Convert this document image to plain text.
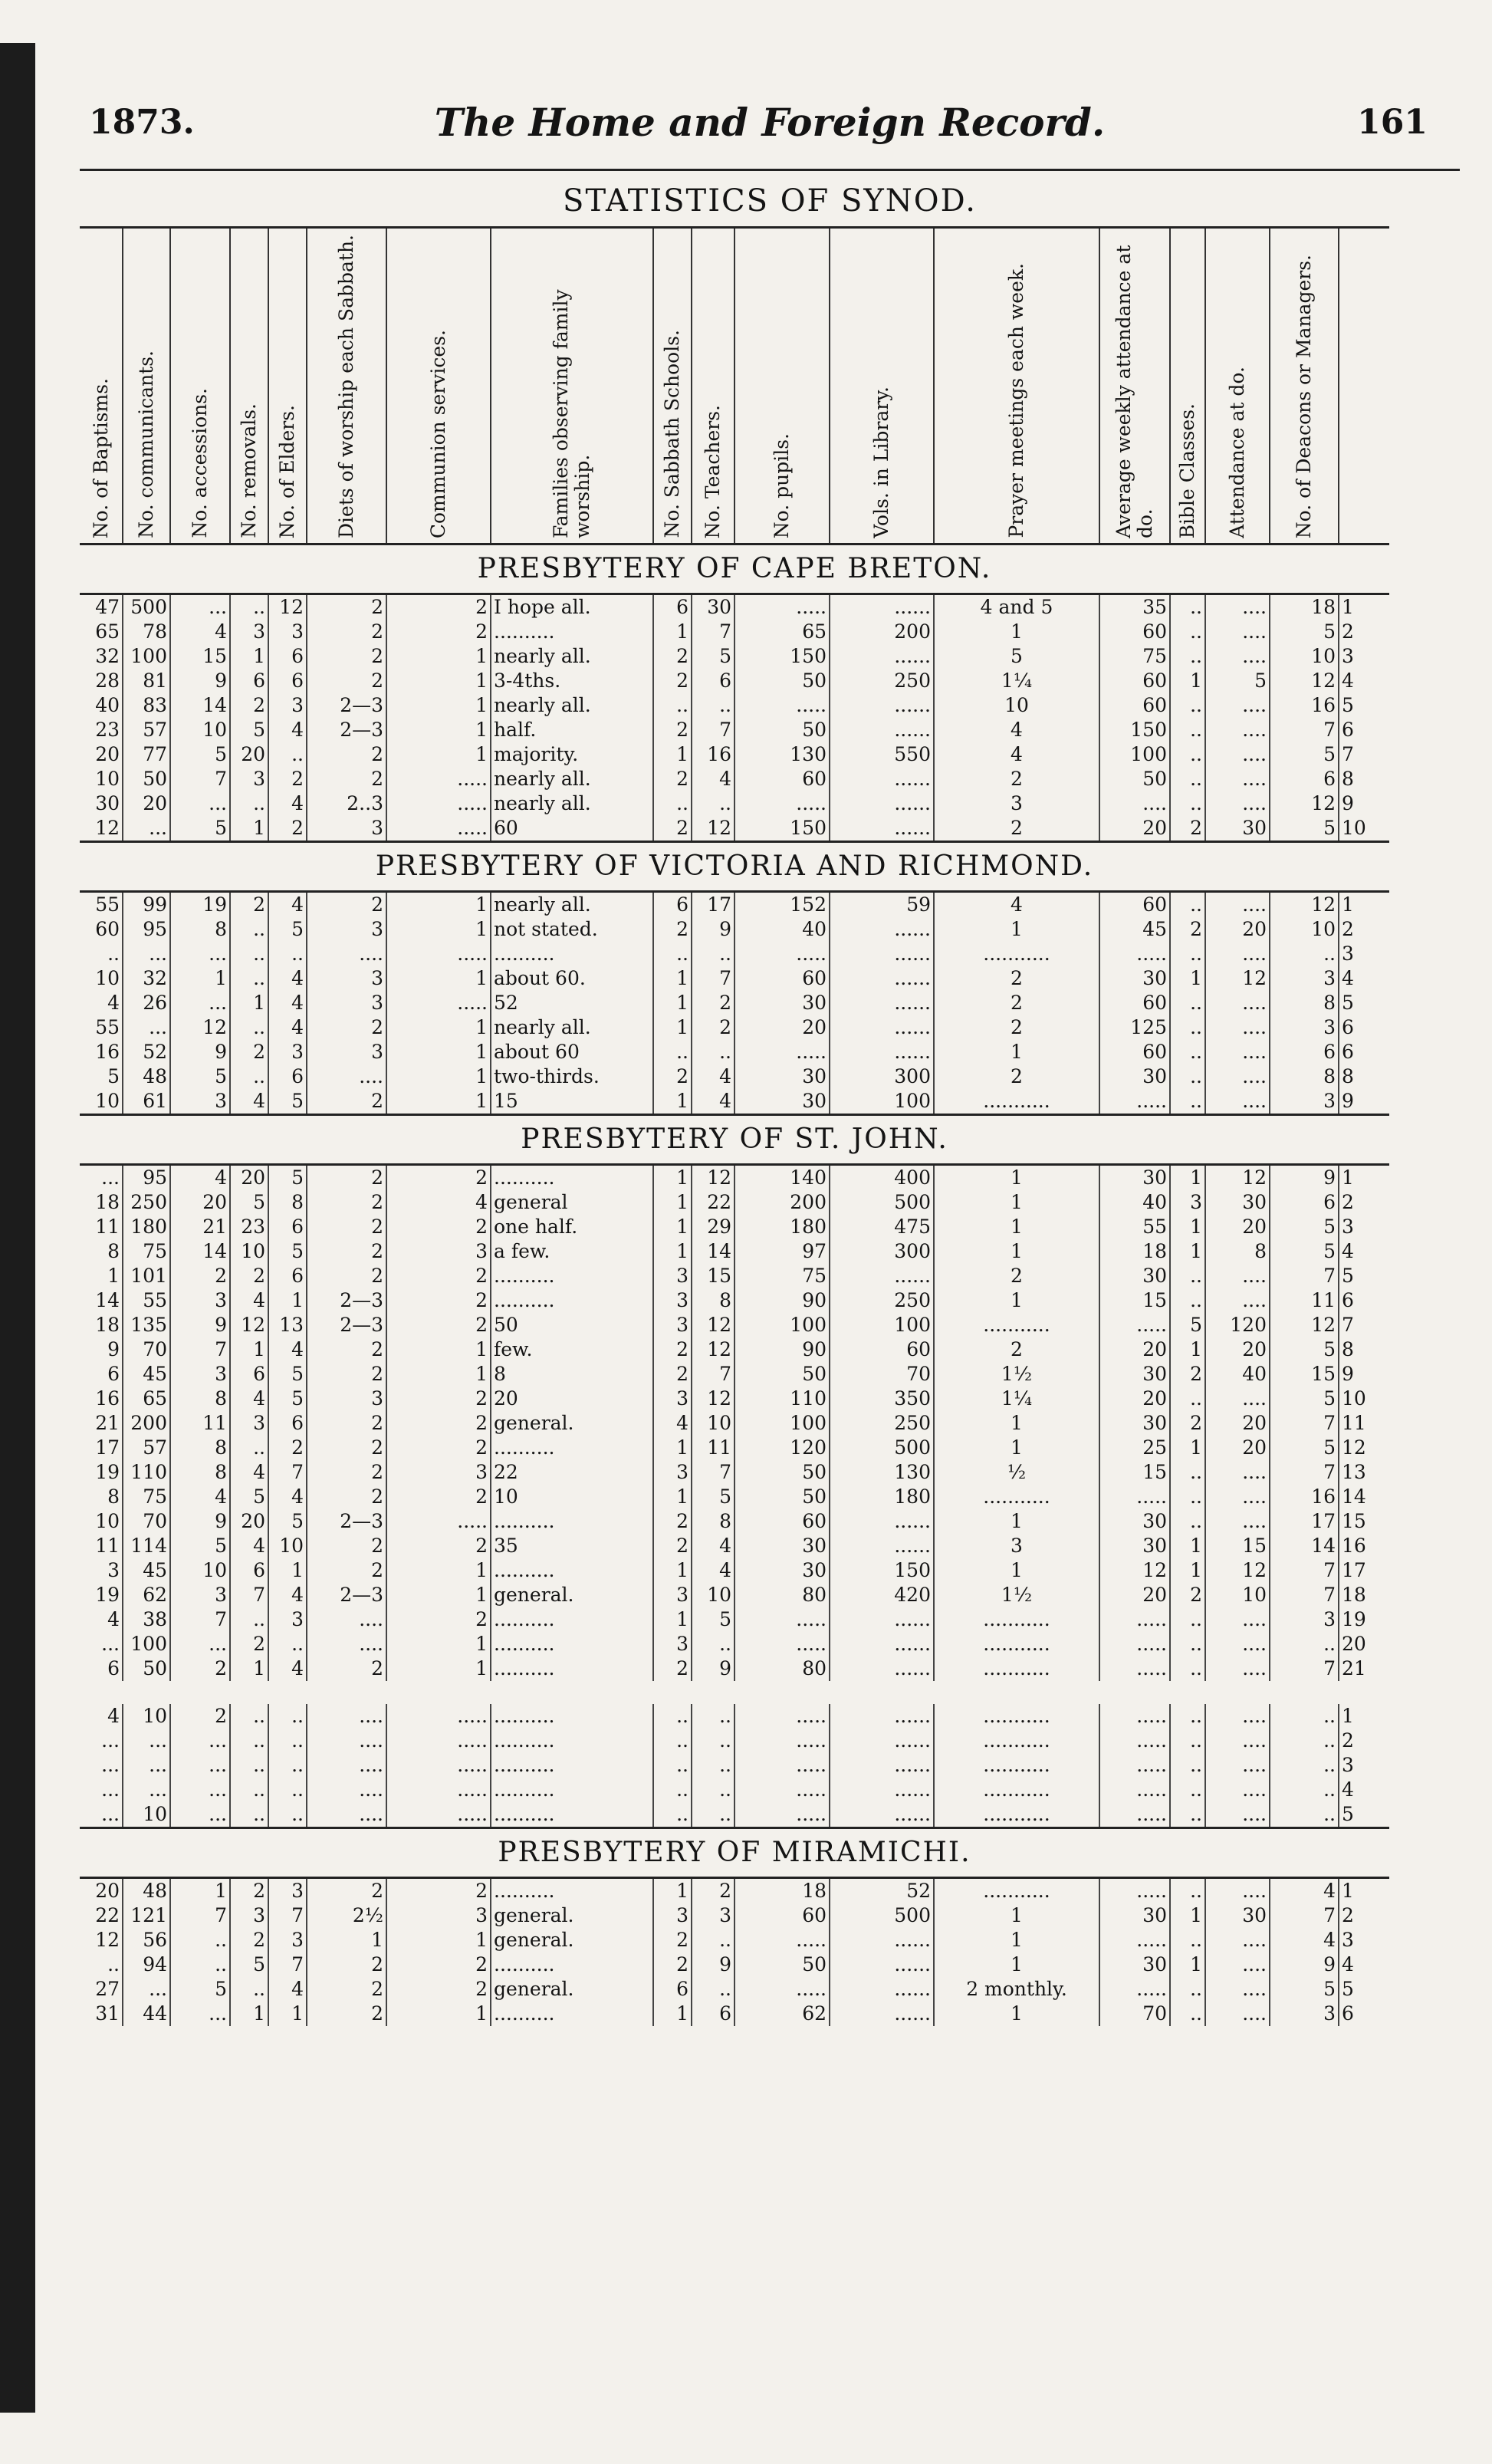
1873.	The Home and Foreign Record.	161
STATISTICS OF SYNOD.
No. of Baptisms.	No. communicants.	No. accessions.	No. removals.	No. of Elders.	Diets of worship each Sabbath.	Communion services.	Families observing family worship.	No. Sabbath Schools.	No. Teachers.	No. pupils.	Vols. in Library.	Prayer meetings each week.	Average weekly attendance at do.	Bible Classes.	Attendance at do.	No. of Deacons or Managers.	

PRESBYTERY OF CAPE BRETON.																	
47	500	...	..	12	2	2	I hope all.	6	30	.....	......	4 and 5	35	..	....	18	1
65	78	4	3	3	2	2	..........	1	7	65	200	1	60	..	....	5	2
32	100	15	1	6	2	1	nearly all.	2	5	150	......	5	75	..	....	10	3
28	81	9	6	6	2	1	3-4ths.	2	6	50	250	1¼	60	1	5	12	4
40	83	14	2	3	2—3	1	nearly all.	..	..	.....	......	10	60	..	....	16	5
23	57	10	5	4	2—3	1	half.	2	7	50	......	4	150	..	....	7	6
20	77	5	20	..	2	1	majority.	1	16	130	550	4	100	..	....	5	7
10	50	7	3	2	2	.....	nearly all.	2	4	60	......	2	50	..	....	6	8
30	20	...	..	4	2..3	.....	nearly all.	..	..	.....	......	3	....	..	....	12	9
12	...	5	1	2	3	.....	60	2	12	150	......	2	20	2	30	5	10
PRESBYTERY OF VICTORIA AND RICHMOND.																	
55	99	19	2	4	2	1	nearly all.	6	17	152	59	4	60	..	....	12	1
60	95	8	..	5	3	1	not stated.	2	9	40	......	1	45	2	20	10	2
..	...	...	..	..	....	.....	..........	..	..	.....	......	...........	.....	..	....	..	3
10	32	1	..	4	3	1	about 60.	1	7	60	......	2	30	1	12	3	4
4	26	...	1	4	3	.....	52	1	2	30	......	2	60	..	....	8	5
55	...	12	..	4	2	1	nearly all.	1	2	20	......	2	125	..	....	3	6
16	52	9	2	3	3	1	about 60	..	..	.....	......	1	60	..	....	6	6
5	48	5	..	6	....	1	two-thirds.	2	4	30	300	2	30	..	....	8	8
10	61	3	4	5	2	1	15	1	4	30	100	...........	.....	..	....	3	9
PRESBYTERY OF ST. JOHN.																	
...	95	4	20	5	2	2	..........	1	12	140	400	1	30	1	12	9	1
18	250	20	5	8	2	4	general	1	22	200	500	1	40	3	30	6	2
11	180	21	23	6	2	2	one half.	1	29	180	475	1	55	1	20	5	3
8	75	14	10	5	2	3	a few.	1	14	97	300	1	18	1	8	5	4
1	101	2	2	6	2	2	..........	3	15	75	......	2	30	..	....	7	5
14	55	3	4	1	2—3	2	..........	3	8	90	250	1	15	..	....	11	6
18	135	9	12	13	2—3	2	50	3	12	100	100	...........	.....	5	120	12	7
9	70	7	1	4	2	1	few.	2	12	90	60	2	20	1	20	5	8
6	45	3	6	5	2	1	8	2	7	50	70	1½	30	2	40	15	9
16	65	8	4	5	3	2	20	3	12	110	350	1¼	20	..	....	5	10
21	200	11	3	6	2	2	general.	4	10	100	250	1	30	2	20	7	11
17	57	8	..	2	2	2	..........	1	11	120	500	1	25	1	20	5	12
19	110	8	4	7	2	3	22	3	7	50	130	½	15	..	....	7	13
8	75	4	5	4	2	2	10	1	5	50	180	...........	.....	..	....	16	14
10	70	9	20	5	2—3	.....	..........	2	8	60	......	1	30	..	....	17	15
11	114	5	4	10	2	2	35	2	4	30	......	3	30	1	15	14	16
3	45	10	6	1	2	1	..........	1	4	30	150	1	12	1	12	7	17
19	62	3	7	4	2—3	1	general.	3	10	80	420	1½	20	2	10	7	18
4	38	7	..	3	....	2	..........	1	5	.....	......	...........	.....	..	....	3	19
...	100	...	2	..	....	1	..........	3	..	.....	......	...........	.....	..	....	..	20
6	50	2	1	4	2	1	..........	2	9	80	......	...........	.....	..	....	7	21

4	10	2	..	..	....	.....	..........	..	..	.....	......	...........	.....	..	....	..	1
...	...	...	..	..	....	.....	..........	..	..	.....	......	...........	.....	..	....	..	2
...	...	...	..	..	....	.....	..........	..	..	.....	......	...........	.....	..	....	..	3
...	...	...	..	..	....	.....	..........	..	..	.....	......	...........	.....	..	....	..	4
...	10	...	..	..	....	.....	..........	..	..	.....	......	...........	.....	..	....	..	5
PRESBYTERY OF MIRAMICHI.																	
20	48	1	2	3	2	2	..........	1	2	18	52	...........	.....	..	....	4	1
22	121	7	3	7	2½	3	general.	3	3	60	500	1	30	1	30	7	2
12	56	..	2	3	1	1	general.	2	..	.....	......	1	.....	..	....	4	3
..	94	..	5	7	2	2	..........	2	9	50	......	1	30	1	....	9	4
27	...	5	..	4	2	2	general.	6	..	.....	......	2 monthly.	.....	..	....	5	5
31	44	...	1	1	2	1	..........	1	6	62	......	1	70	..	....	3	6
